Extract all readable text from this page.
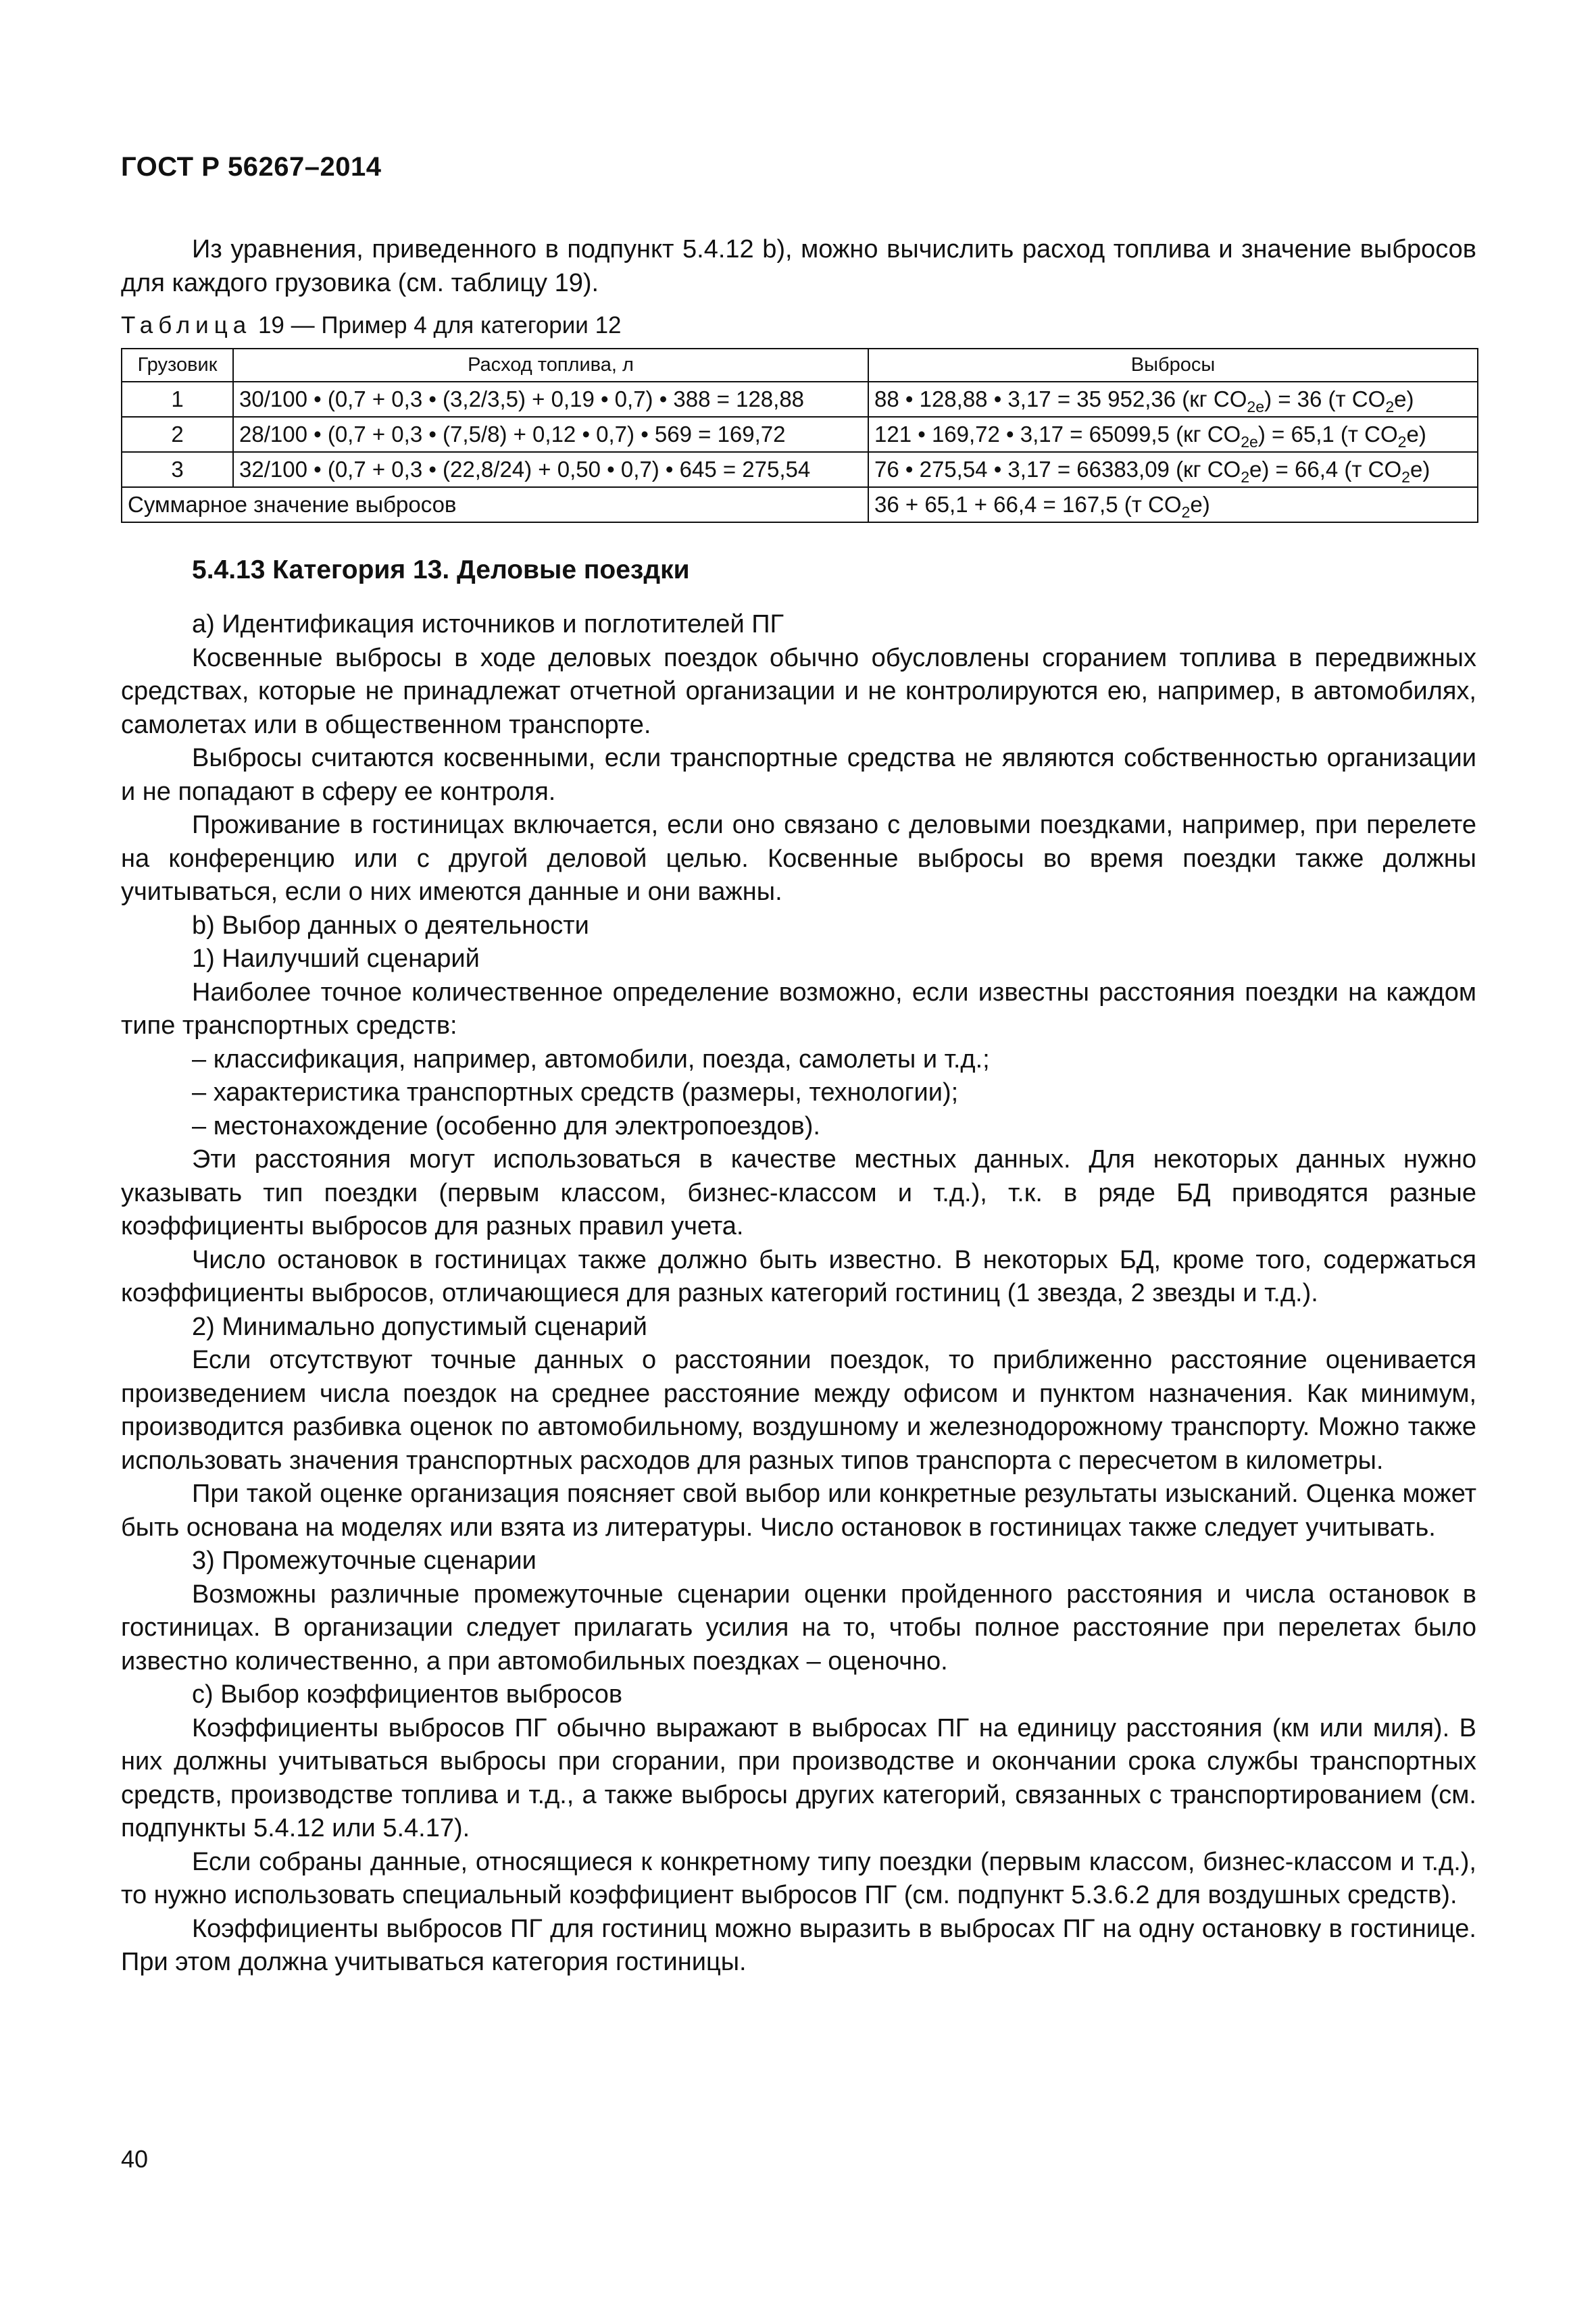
ГОСТ Р 56267–2014

Из уравнения, приведенного в подпункт 5.4.12 b), можно вычислить расход топлива и значение выбросов для каждого грузовика (см. таблицу 19).

Таблица 19 — Пример 4 для категории 12
Грузовик	Расход топлива, л	Выбросы
1	30/100 • (0,7 + 0,3 • (3,2/3,5) + 0,19 • 0,7) • 388 = 128,88	88 • 128,88 • 3,17 = 35 952,36 (кг $CO_{2e}) = 36$ (т $CO_2e$)
2	28/100 • (0,7 + 0,3 • (7,5/8) + 0,12 • 0,7) • 569 = 169,72	121 • 169,72 • 3,17 = 65099,5 (кг $CO_{2e}) = 65,1$ (т $CO_2e$)
3	32/100 • (0,7 + 0,3 • (22,8/24) + 0,50 • 0,7) • 645 = 275,54	76 • 275,54 • 3,17 = 66383,09 (кг $CO_2e) = 66,4$ (т $CO_2e$)
Суммарное значение выбросов		36 + 65,1 + 66,4 = 167,5 (т $CO_2e$)
5.4.13 Категория 13. Деловые поездки

а) Идентификация источников и поглотителей ПГ

Косвенные выбросы в ходе деловых поездок обычно обусловлены сгоранием топлива в передвижных средствах, которые не принадлежат отчетной организации и не контролируются ею, например, в автомобилях, самолетах или в общественном транспорте.

Выбросы считаются косвенными, если транспортные средства не являются собственностью организации и не попадают в сферу ее контроля.

Проживание в гостиницах включается, если оно связано с деловыми поездками, например, при перелете на конференцию или с другой деловой целью. Косвенные выбросы во время поездки также должны учитываться, если о них имеются данные и они важны.

b) Выбор данных о деятельности

1) Наилучший сценарий

Наиболее точное количественное определение возможно, если известны расстояния поездки на каждом типе транспортных средств:

– классификация, например, автомобили, поезда, самолеты и т.д.;

– характеристика транспортных средств (размеры, технологии);

– местонахождение (особенно для электропоездов).

Эти расстояния могут использоваться в качестве местных данных. Для некоторых данных нужно указывать тип поездки (первым классом, бизнес-классом и т.д.), т.к. в ряде БД приводятся разные коэффициенты выбросов для разных правил учета.

Число остановок в гостиницах также должно быть известно. В некоторых БД, кроме того, содержаться коэффициенты выбросов, отличающиеся для разных категорий гостиниц (1 звезда, 2 звезды и т.д.).

2) Минимально допустимый сценарий

Если отсутствуют точные данных о расстоянии поездок, то приближенно расстояние оценивается произведением числа поездок на среднее расстояние между офисом и пунктом назначения. Как минимум, производится разбивка оценок по автомобильному, воздушному и железнодорожному транспорту. Можно также использовать значения транспортных расходов для разных типов транспорта с пересчетом в километры.

При такой оценке организация поясняет свой выбор или конкретные результаты изысканий. Оценка может быть основана на моделях или взята из литературы. Число остановок в гостиницах также следует учитывать.

3) Промежуточные сценарии

Возможны различные промежуточные сценарии оценки пройденного расстояния и числа остановок в гостиницах. В организации следует прилагать усилия на то, чтобы полное расстояние при перелетах было известно количественно, а при автомобильных поездках – оценочно.

с) Выбор коэффициентов выбросов

Коэффициенты выбросов ПГ обычно выражают в выбросах ПГ на единицу расстояния (км или миля). В них должны учитываться выбросы при сгорании, при производстве и окончании срока службы транспортных средств, производстве топлива и т.д., а также выбросы других категорий, связанных с транспортированием (см. подпункты 5.4.12 или 5.4.17).

Если собраны данные, относящиеся к конкретному типу поездки (первым классом, бизнес-классом и т.д.), то нужно использовать специальный коэффициент выбросов ПГ (см. подпункт 5.3.6.2 для воздушных средств).

Коэффициенты выбросов ПГ для гостиниц можно выразить в выбросах ПГ на одну остановку в гостинице. При этом должна учитываться категория гостиницы.

40
